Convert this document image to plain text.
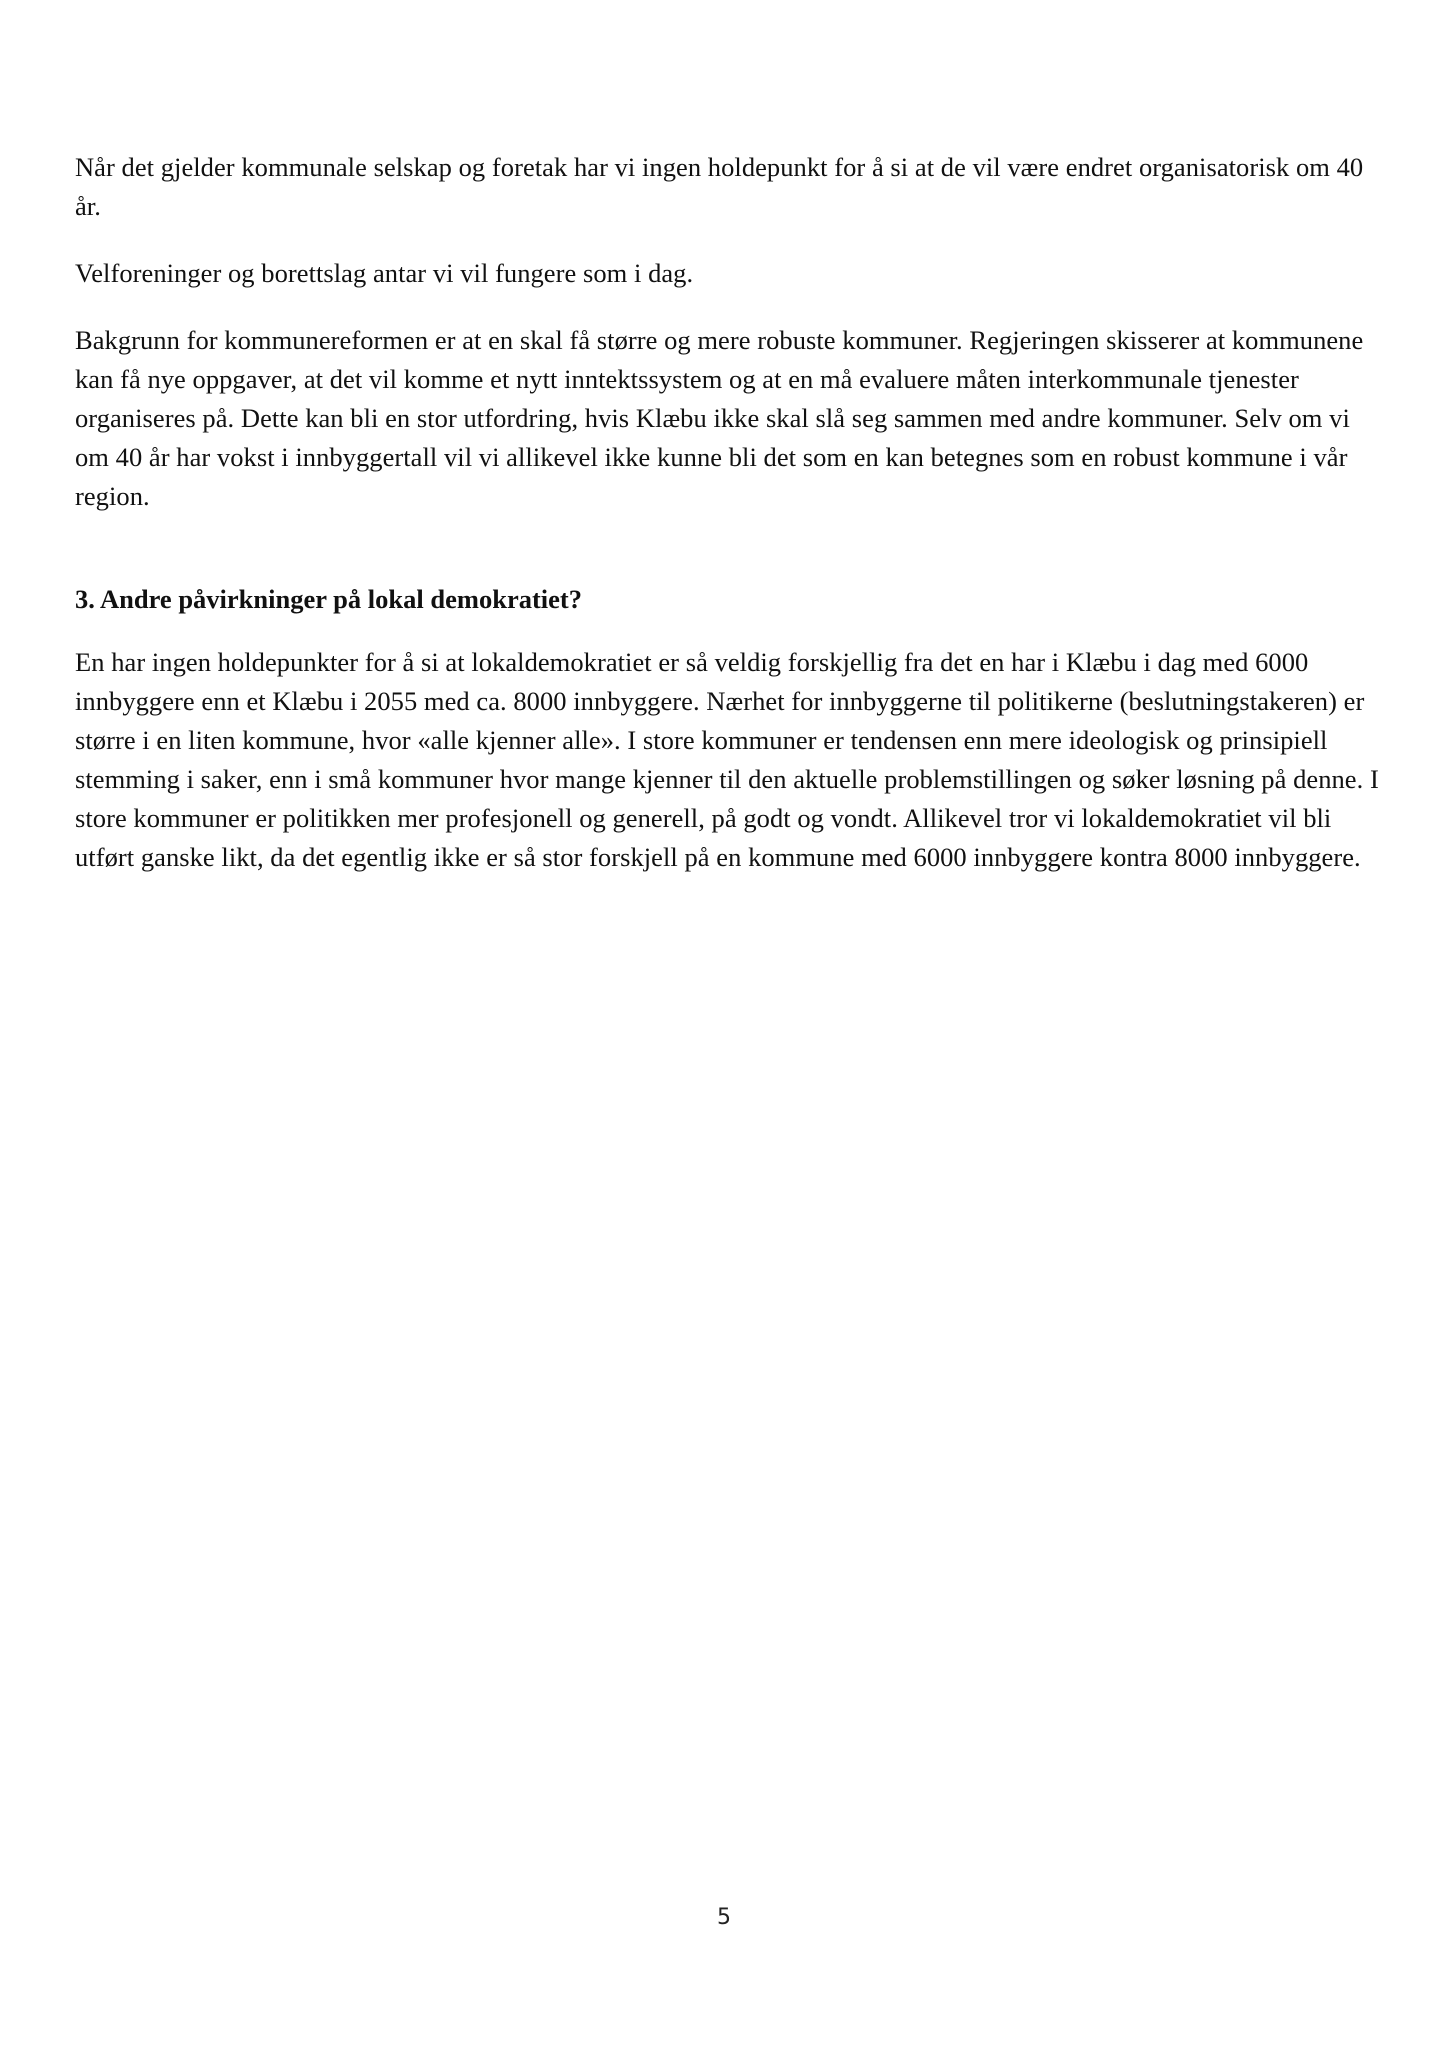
Når det gjelder kommunale selskap og foretak har vi ingen holdepunkt for å si at de vil være endret organisatorisk om 40 år.

Velforeninger og borettslag antar vi vil fungere som i dag.

Bakgrunn for kommunereformen er at en skal få større og mere robuste kommuner. Regjeringen skisserer at kommunene kan få nye oppgaver, at det vil komme et nytt inntektssystem og at en må evaluere måten interkommunale tjenester organiseres på. Dette kan bli en stor utfordring, hvis Klæbu ikke skal slå seg sammen med andre kommuner. Selv om vi om 40 år har vokst i innbyggertall vil vi allikevel ikke kunne bli det som en kan betegnes som en robust kommune i vår region.

3. Andre påvirkninger på lokal demokratiet?

En har ingen holdepunkter for å si at lokaldemokratiet er så veldig forskjellig fra det en har i Klæbu i dag med 6000 innbyggere enn et Klæbu i 2055 med ca. 8000 innbyggere. Nærhet for innbyggerne til politikerne (beslutningstakeren) er større i en liten kommune, hvor «alle kjenner alle». I store kommuner er tendensen enn mere ideologisk og prinsipiell stemming i saker, enn i små kommuner hvor mange kjenner til den aktuelle problemstillingen og søker løsning på denne. I store kommuner er politikken mer profesjonell og generell, på godt og vondt. Allikevel tror vi lokaldemokratiet vil bli utført ganske likt, da det egentlig ikke er så stor forskjell på en kommune med 6000 innbyggere kontra 8000 innbyggere.

5
